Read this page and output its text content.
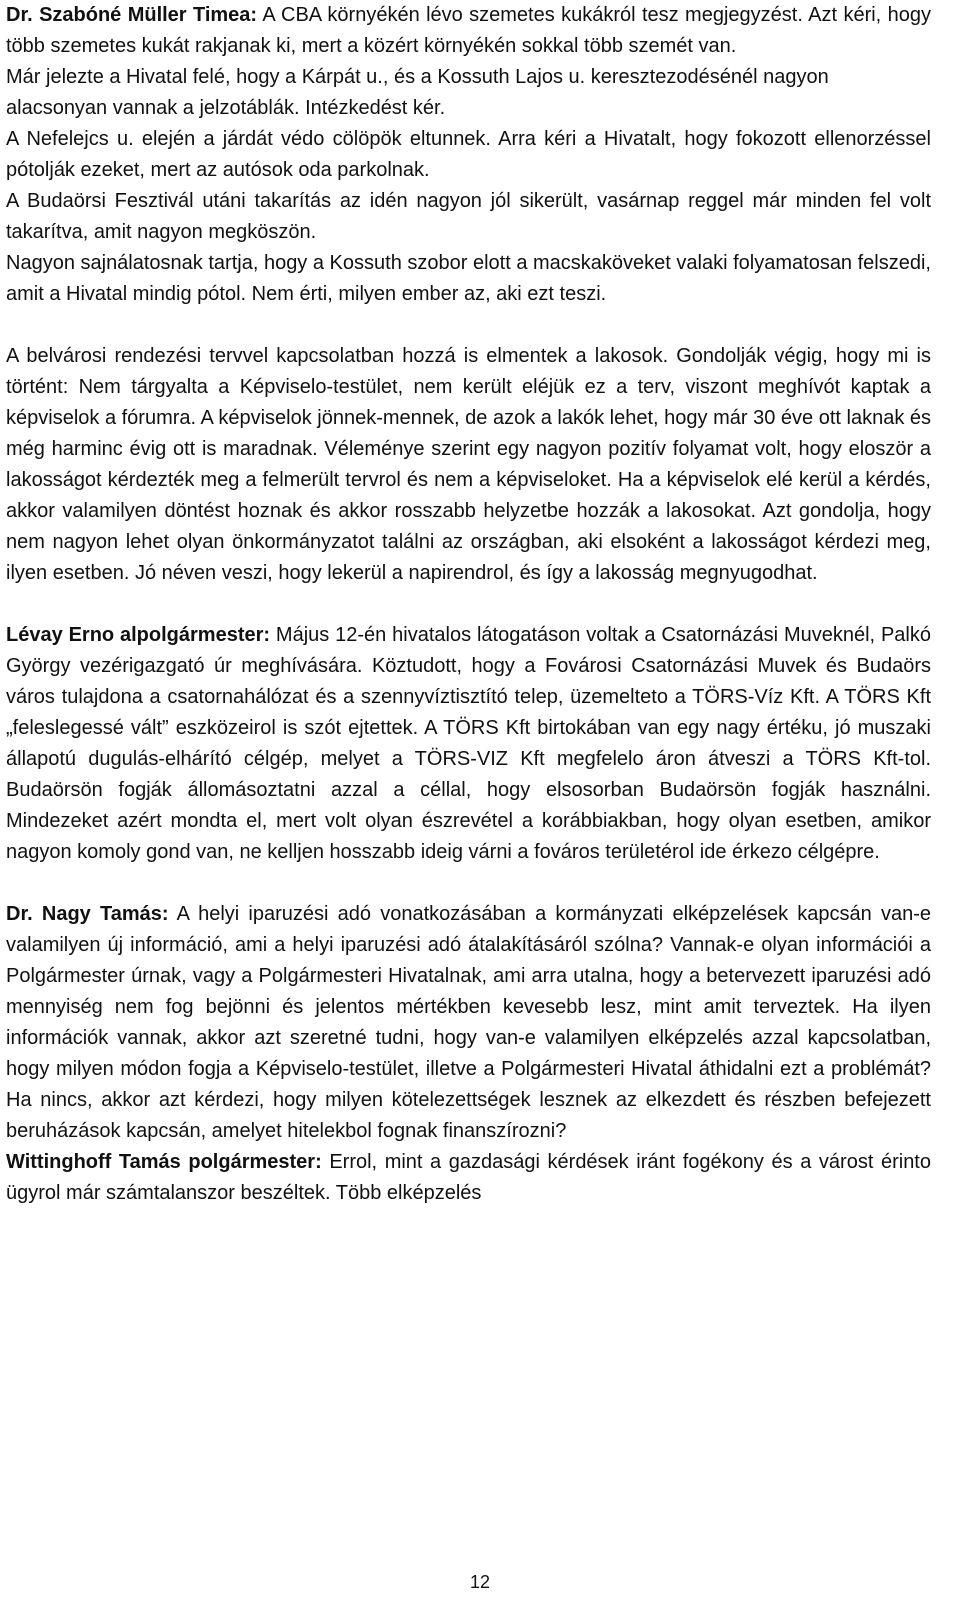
Dr. Szabóné Müller Timea: A CBA környékén lévo szemetes kukákról tesz megjegyzést. Azt kéri, hogy több szemetes kukát rakjanak ki, mert a közért környékén sokkal több szemét van.

Már jelezte a Hivatal felé, hogy a Kárpát u., és a Kossuth Lajos u. keresztezodésénél nagyon alacsonyan vannak a jelzotáblák. Intézkedést kér.

A Nefelejcs u. elején a járdát védo cölöpök eltunnek. Arra kéri a Hivatalt, hogy fokozott ellenorzéssel pótolják ezeket, mert az autósok oda parkolnak.

A Budaörsi Fesztivál utáni takarítás az idén nagyon jól sikerült, vasárnap reggel már minden fel volt takarítva, amit nagyon megköszön.

Nagyon sajnálatosnak tartja, hogy a Kossuth szobor elott a macskaköveket valaki folyamatosan felszedi, amit a Hivatal mindig pótol. Nem érti, milyen ember az, aki ezt teszi.

A belvárosi rendezési tervvel kapcsolatban hozzá is elmentek a lakosok. Gondolják végig, hogy mi is történt: Nem tárgyalta a Képviselo-testület, nem került eléjük ez a terv, viszont meghívót kaptak a képviselok a fórumra. A képviselok jönnek-mennek, de azok a lakók lehet, hogy már 30 éve ott laknak és még harminc évig ott is maradnak. Véleménye szerint egy nagyon pozitív folyamat volt, hogy eloször a lakosságot kérdezték meg a felmerült tervrol és nem a képviseloket. Ha a képviselok elé kerül a kérdés, akkor valamilyen döntést hoznak és akkor rosszabb helyzetbe hozzák a lakosokat. Azt gondolja, hogy nem nagyon lehet olyan önkormányzatot találni az országban, aki elsoként a lakosságot kérdezi meg, ilyen esetben. Jó néven veszi, hogy lekerül a napirendrol, és így a lakosság megnyugodhat.

Lévay Erno alpolgármester: Május 12-én hivatalos látogatáson voltak a Csatornázási Muveknél, Palkó György vezérigazgató úr meghívására. Köztudott, hogy a Fovárosi Csatornázási Muvek és Budaörs város tulajdona a csatornahálózat és a szennyvíztisztító telep, üzemelteto a TÖRS-Víz Kft. A TÖRS Kft „feleslegessé vált” eszközeirol is szót ejtettek. A TÖRS Kft birtokában van egy nagy értéku, jó muszaki állapotú dugulás-elhárító célgép, melyet a TÖRS-VIZ Kft megfelelo áron átveszi a TÖRS Kft-tol. Budaörsön fogják állomásoztatni azzal a céllal, hogy elsosorban Budaörsön fogják használni. Mindezeket azért mondta el, mert volt olyan észrevétel a korábbiakban, hogy olyan esetben, amikor nagyon komoly gond van, ne kelljen hosszabb ideig várni a fováros területérol ide érkezo célgépre.

Dr. Nagy Tamás: A helyi iparuzési adó vonatkozásában a kormányzati elképzelések kapcsán van-e valamilyen új információ, ami a helyi iparuzési adó átalakításáról szólna? Vannak-e olyan információi a Polgármester úrnak, vagy a Polgármesteri Hivatalnak, ami arra utalna, hogy a betervezett iparuzési adó mennyiség nem fog bejönni és jelentos mértékben kevesebb lesz, mint amit terveztek. Ha ilyen információk vannak, akkor azt szeretné tudni, hogy van-e valamilyen elképzelés azzal kapcsolatban, hogy milyen módon fogja a Képviselo-testület, illetve a Polgármesteri Hivatal áthidalni ezt a problémát? Ha nincs, akkor azt kérdezi, hogy milyen kötelezettségek lesznek az elkezdett és részben befejezett beruházások kapcsán, amelyet hitelekbol fognak finanszírozni?

Wittinghoff Tamás polgármester: Errol, mint a gazdasági kérdések iránt fogékony és a várost érinto ügyrol már számtalanszor beszéltek. Több elképzelés

12
